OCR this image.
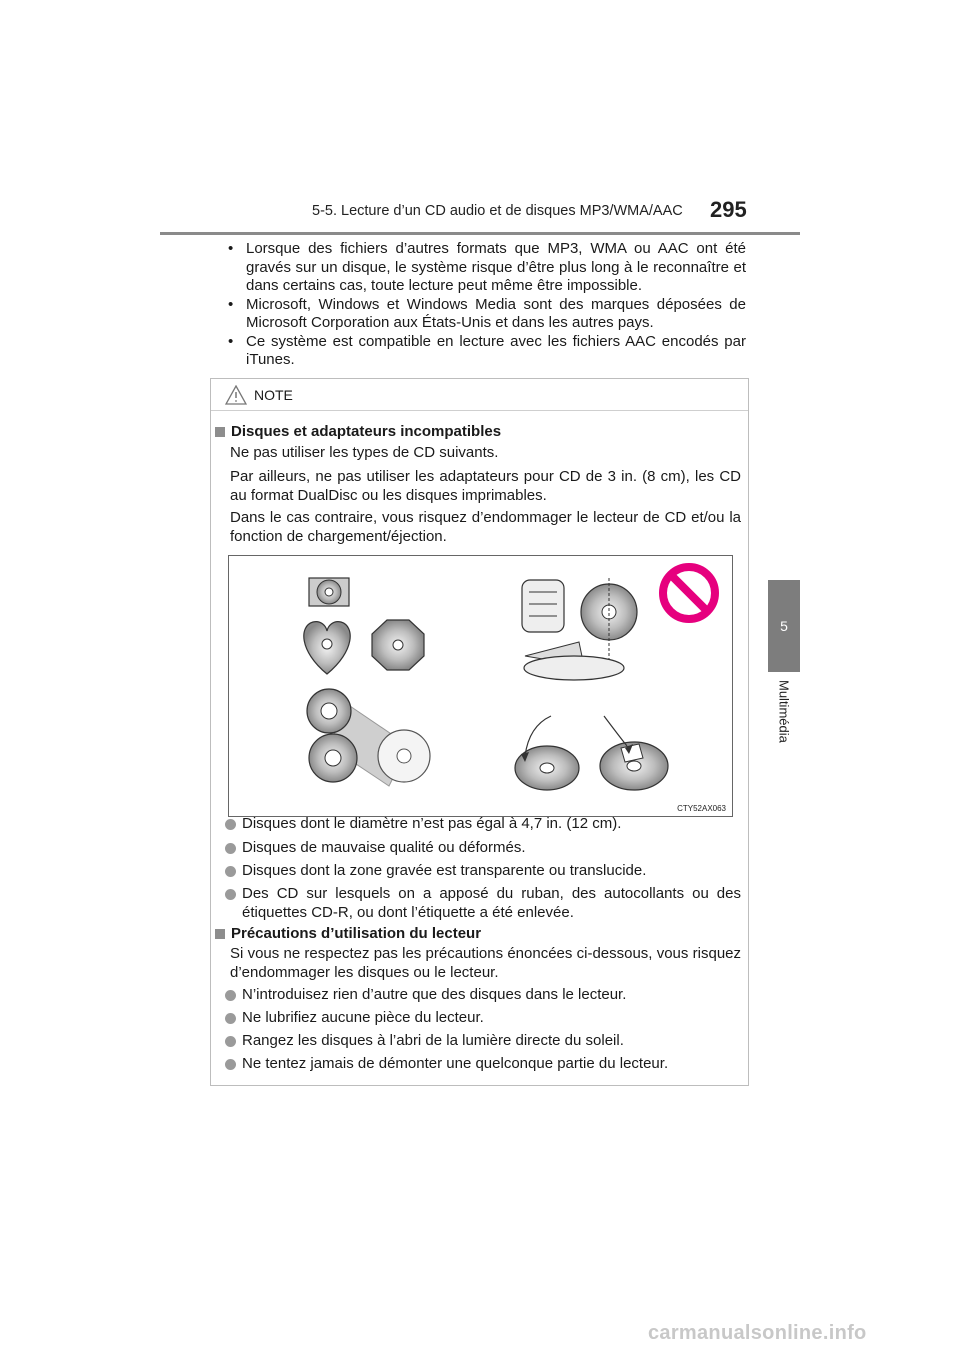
5-5. Lecture d’un CD audio et de disques MP3/WMA/AAC 295
5
Multimédia
• Lorsque des fichiers d’autres formats que MP3, WMA ou AAC ont été gravés sur un disque, le système risque d’être plus long à le reconnaître et dans certains cas, toute lecture peut même être impossible.
• Microsoft, Windows et Windows Media sont des marques déposées de Microsoft Corporation aux États-Unis et dans les autres pays.
• Ce système est compatible en lecture avec les fichiers AAC encodés par iTunes.
NOTE
Disques et adaptateurs incompatibles
Ne pas utiliser les types de CD suivants.
Par ailleurs, ne pas utiliser les adaptateurs pour CD de 3 in. (8 cm), les CD au format DualDisc ou les disques imprimables.
Dans le cas contraire, vous risquez d’endommager le lecteur de CD et/ou la fonction de chargement/éjection.
CTY52AX063
Disques dont le diamètre n’est pas égal à 4,7 in. (12 cm).
Disques de mauvaise qualité ou déformés.
Disques dont la zone gravée est transparente ou translucide.
Des CD sur lesquels on a apposé du ruban, des autocollants ou des étiquettes CD-R, ou dont l’étiquette a été enlevée.
Précautions d’utilisation du lecteur
Si vous ne respectez pas les précautions énoncées ci-dessous, vous risquez d’endommager les disques ou le lecteur.
N’introduisez rien d’autre que des disques dans le lecteur.
Ne lubrifiez aucune pièce du lecteur.
Rangez les disques à l’abri de la lumière directe du soleil.
Ne tentez jamais de démonter une quelconque partie du lecteur.
carmanualsonline.info
